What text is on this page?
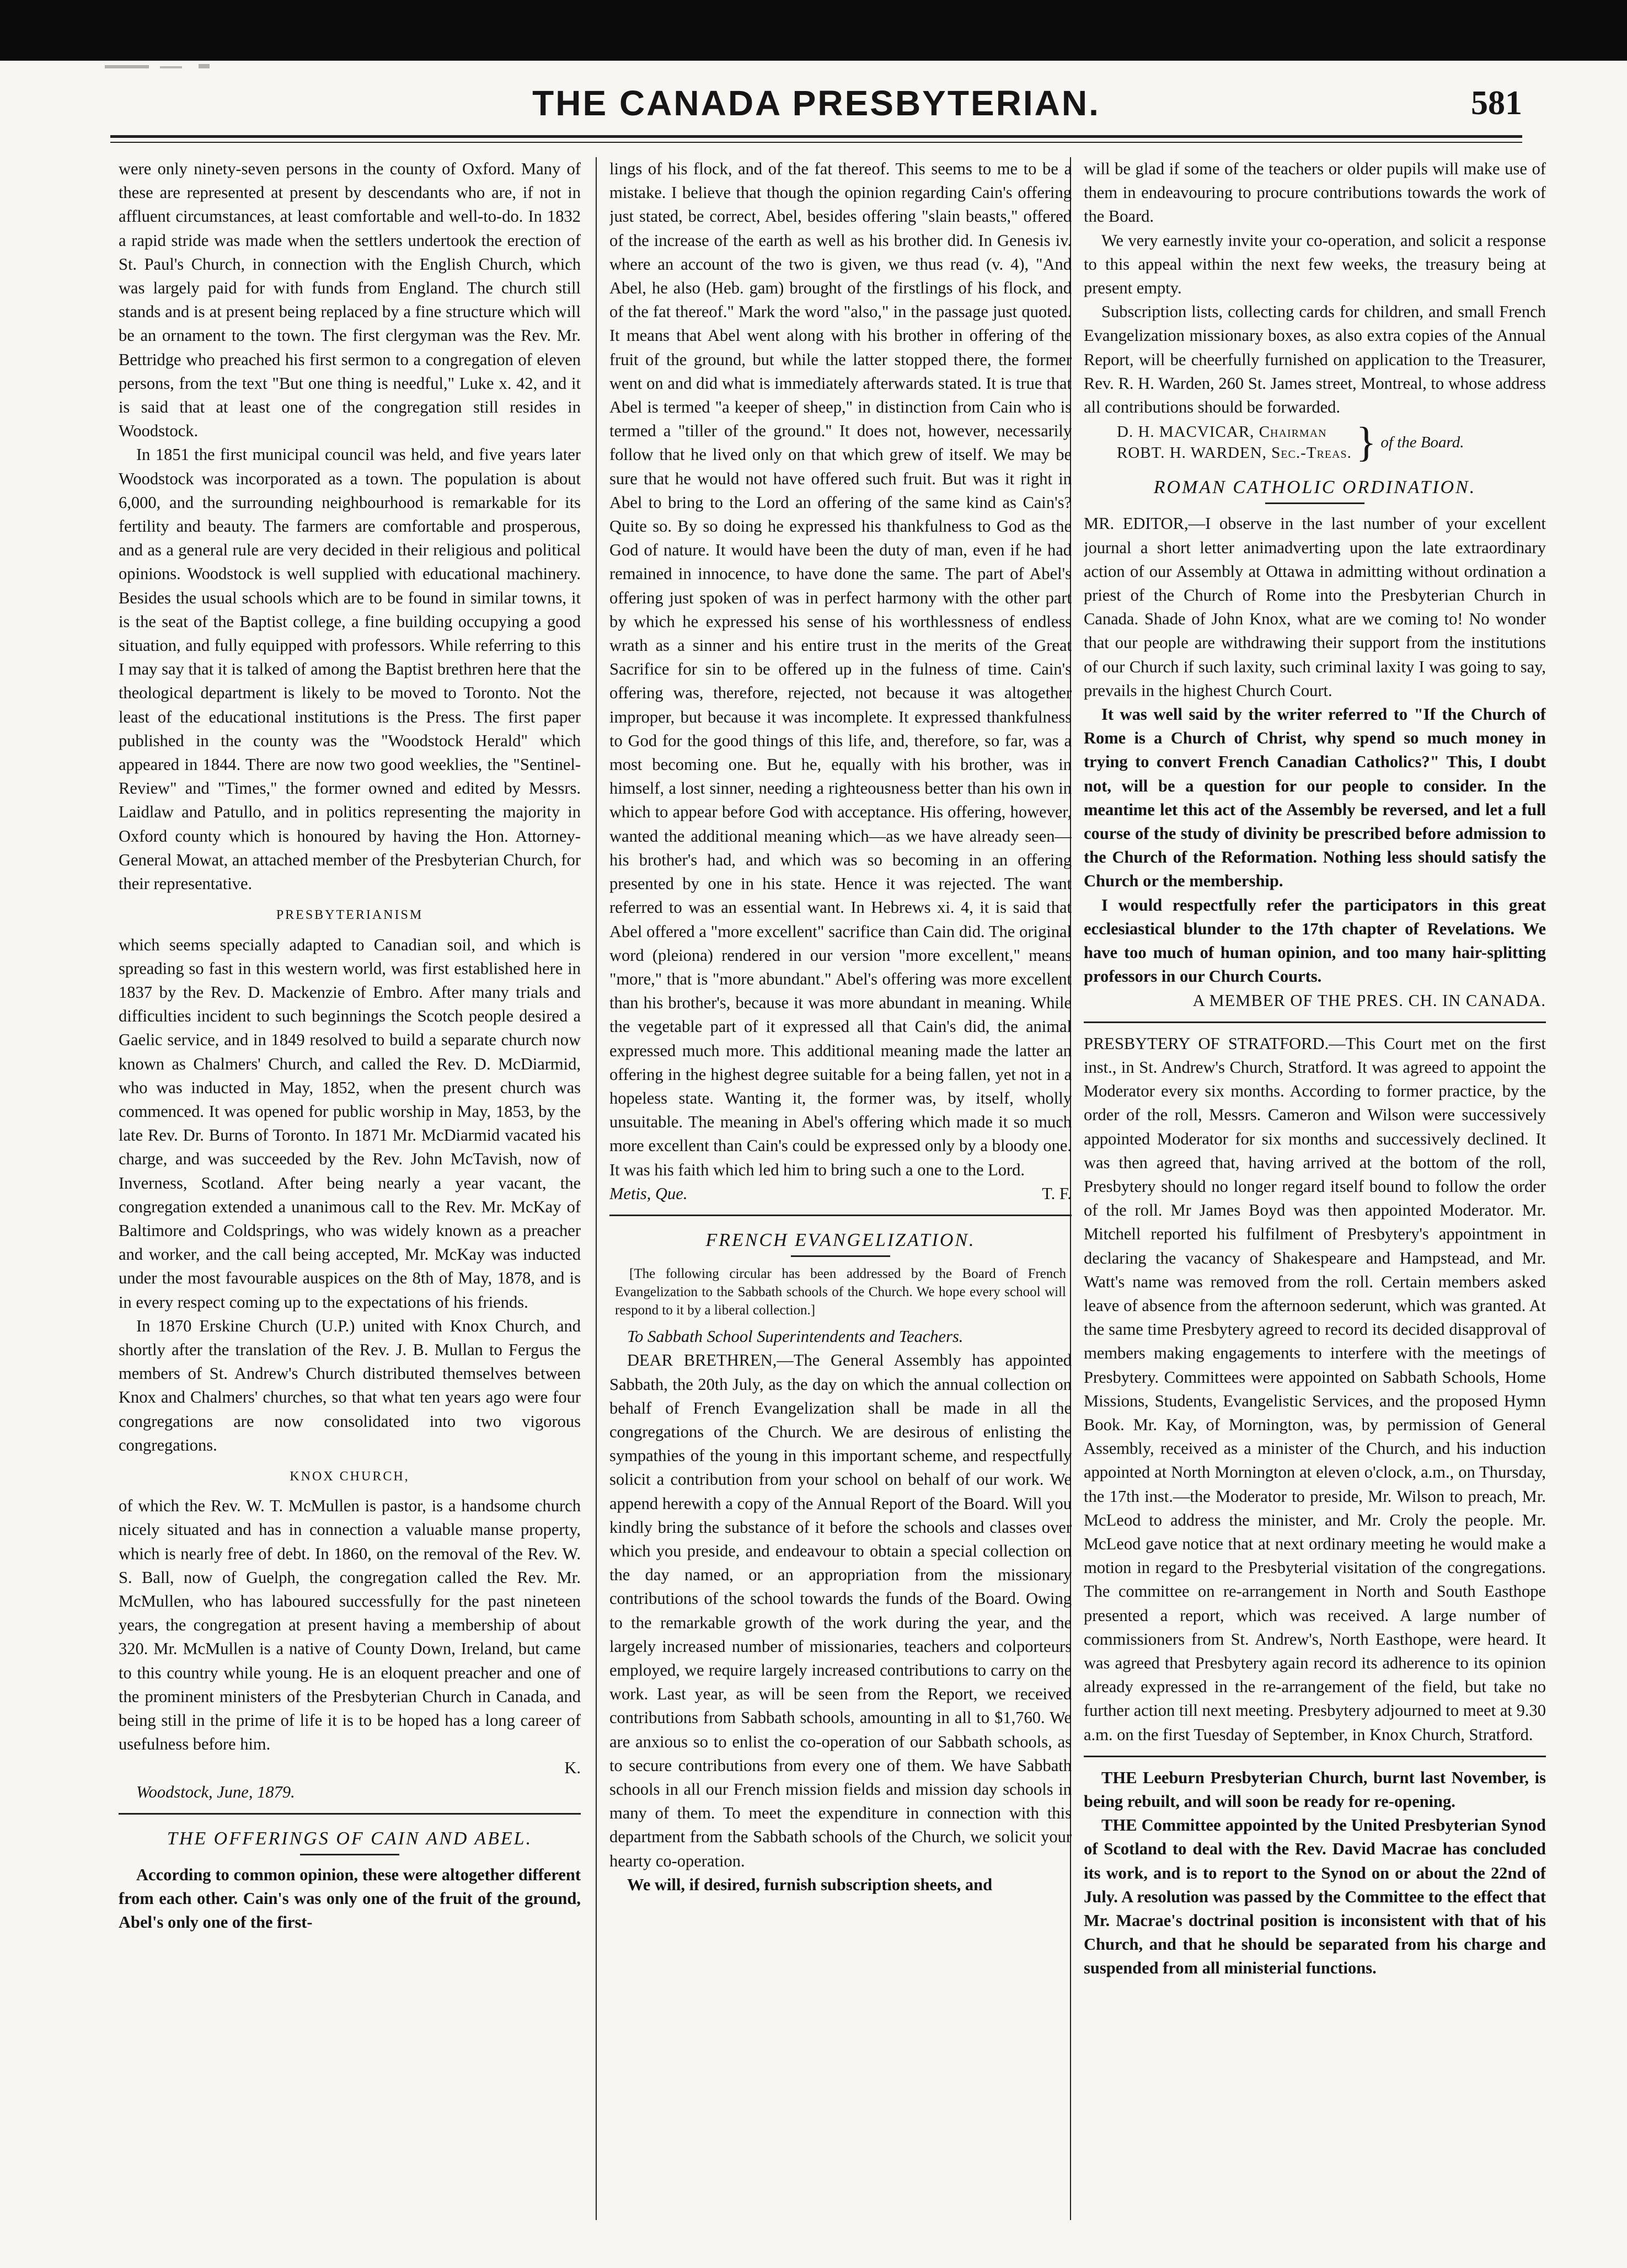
THE CANADA PRESBYTERIAN.	581

were only ninety-seven persons in the county of Oxford. Many of these are represented at present by descendants who are, if not in affluent circumstances, at least comfortable and well-to-do. In 1832 a rapid stride was made when the settlers undertook the erection of St. Paul's Church, in connection with the English Church, which was largely paid for with funds from England. The church still stands and is at present being replaced by a fine structure which will be an ornament to the town. The first clergyman was the Rev. Mr. Bettridge who preached his first sermon to a congregation of eleven persons, from the text "But one thing is needful," Luke x. 42, and it is said that at least one of the congregation still resides in Woodstock.

In 1851 the first municipal council was held, and five years later Woodstock was incorporated as a town. The population is about 6,000, and the surrounding neighbourhood is remarkable for its fertility and beauty. The farmers are comfortable and prosperous, and as a general rule are very decided in their religious and political opinions. Woodstock is well supplied with educational machinery. Besides the usual schools which are to be found in similar towns, it is the seat of the Baptist college, a fine building occupying a good situation, and fully equipped with professors. While referring to this I may say that it is talked of among the Baptist brethren here that the theological department is likely to be moved to Toronto. Not the least of the educational institutions is the Press. The first paper published in the county was the "Woodstock Herald" which appeared in 1844. There are now two good weeklies, the "Sentinel-Review" and "Times," the former owned and edited by Messrs. Laidlaw and Patullo, and in politics representing the majority in Oxford county which is honoured by having the Hon. Attorney-General Mowat, an attached member of the Presbyterian Church, for their representative.

PRESBYTERIANISM

which seems specially adapted to Canadian soil, and which is spreading so fast in this western world, was first established here in 1837 by the Rev. D. Mackenzie of Embro. After many trials and difficulties incident to such beginnings the Scotch people desired a Gaelic service, and in 1849 resolved to build a separate church now known as Chalmers' Church, and called the Rev. D. McDiarmid, who was inducted in May, 1852, when the present church was commenced. It was opened for public worship in May, 1853, by the late Rev. Dr. Burns of Toronto. In 1871 Mr. McDiarmid vacated his charge, and was succeeded by the Rev. John McTavish, now of Inverness, Scotland. After being nearly a year vacant, the congregation extended a unanimous call to the Rev. Mr. McKay of Baltimore and Coldsprings, who was widely known as a preacher and worker, and the call being accepted, Mr. McKay was inducted under the most favourable auspices on the 8th of May, 1878, and is in every respect coming up to the expectations of his friends.

In 1870 Erskine Church (U.P.) united with Knox Church, and shortly after the translation of the Rev. J. B. Mullan to Fergus the members of St. Andrew's Church distributed themselves between Knox and Chalmers' churches, so that what ten years ago were four congregations are now consolidated into two vigorous congregations.

KNOX CHURCH,

of which the Rev. W. T. McMullen is pastor, is a handsome church nicely situated and has in connection a valuable manse property, which is nearly free of debt. In 1860, on the removal of the Rev. W. S. Ball, now of Guelph, the congregation called the Rev. Mr. McMullen, who has laboured successfully for the past nineteen years, the congregation at present having a membership of about 320. Mr. McMullen is a native of County Down, Ireland, but came to this country while young. He is an eloquent preacher and one of the prominent ministers of the Presbyterian Church in Canada, and being still in the prime of life it is to be hoped has a long career of usefulness before him.

K.

Woodstock, June, 1879.

THE OFFERINGS OF CAIN AND ABEL.

According to common opinion, these were altogether different from each other. Cain's was only one of the fruit of the ground, Abel's only one of the first-

lings of his flock, and of the fat thereof. This seems to me to be a mistake. I believe that though the opinion regarding Cain's offering just stated, be correct, Abel, besides offering "slain beasts," offered of the increase of the earth as well as his brother did. In Genesis iv. where an account of the two is given, we thus read (v. 4), "And Abel, he also (Heb. gam) brought of the firstlings of his flock, and of the fat thereof." Mark the word "also," in the passage just quoted. It means that Abel went along with his brother in offering of the fruit of the ground, but while the latter stopped there, the former went on and did what is immediately afterwards stated. It is true that Abel is termed "a keeper of sheep," in distinction from Cain who is termed a "tiller of the ground." It does not, however, necessarily follow that he lived only on that which grew of itself. We may be sure that he would not have offered such fruit. But was it right in Abel to bring to the Lord an offering of the same kind as Cain's? Quite so. By so doing he expressed his thankfulness to God as the God of nature. It would have been the duty of man, even if he had remained in innocence, to have done the same. The part of Abel's offering just spoken of was in perfect harmony with the other part by which he expressed his sense of his worthlessness of endless wrath as a sinner and his entire trust in the merits of the Great Sacrifice for sin to be offered up in the fulness of time. Cain's offering was, therefore, rejected, not because it was altogether improper, but because it was incomplete. It expressed thankfulness to God for the good things of this life, and, therefore, so far, was a most becoming one. But he, equally with his brother, was in himself, a lost sinner, needing a righteousness better than his own in which to appear before God with acceptance. His offering, however, wanted the additional meaning which—as we have already seen—his brother's had, and which was so becoming in an offering presented by one in his state. Hence it was rejected. The want referred to was an essential want. In Hebrews xi. 4, it is said that Abel offered a "more excellent" sacrifice than Cain did. The original word (pleiona) rendered in our version "more excellent," means "more," that is "more abundant." Abel's offering was more excellent than his brother's, because it was more abundant in meaning. While the vegetable part of it expressed all that Cain's did, the animal expressed much more. This additional meaning made the latter an offering in the highest degree suitable for a being fallen, yet not in a hopeless state. Wanting it, the former was, by itself, wholly unsuitable. The meaning in Abel's offering which made it so much more excellent than Cain's could be expressed only by a bloody one. It was his faith which led him to bring such a one to the Lord.

Metis, Que.	T. F.

FRENCH EVANGELIZATION.

[The following circular has been addressed by the Board of French Evangelization to the Sabbath schools of the Church. We hope every school will respond to it by a liberal collection.]

To Sabbath School Superintendents and Teachers.

DEAR BRETHREN,—The General Assembly has appointed Sabbath, the 20th July, as the day on which the annual collection on behalf of French Evangelization shall be made in all the congregations of the Church. We are desirous of enlisting the sympathies of the young in this important scheme, and respectfully solicit a contribution from your school on behalf of our work. We append herewith a copy of the Annual Report of the Board. Will you kindly bring the substance of it before the schools and classes over which you preside, and endeavour to obtain a special collection on the day named, or an appropriation from the missionary contributions of the school towards the funds of the Board. Owing to the remarkable growth of the work during the year, and the largely increased number of missionaries, teachers and colporteurs employed, we require largely increased contributions to carry on the work. Last year, as will be seen from the Report, we received contributions from Sabbath schools, amounting in all to $1,760. We are anxious so to enlist the co-operation of our Sabbath schools, as to secure contributions from every one of them. We have Sabbath schools in all our French mission fields and mission day schools in many of them. To meet the expenditure in connection with this department from the Sabbath schools of the Church, we solicit your hearty co-operation.

We will, if desired, furnish subscription sheets, and

will be glad if some of the teachers or older pupils will make use of them in endeavouring to procure contributions towards the work of the Board.

We very earnestly invite your co-operation, and solicit a response to this appeal within the next few weeks, the treasury being at present empty.

Subscription lists, collecting cards for children, and small French Evangelization missionary boxes, as also extra copies of the Annual Report, will be cheerfully furnished on application to the Treasurer, Rev. R. H. Warden, 260 St. James street, Montreal, to whose address all contributions should be forwarded.

D. H. MACVICAR, Chairman
ROBT. H. WARDEN, Sec.-Treas. } of the Board.
ROMAN CATHOLIC ORDINATION.

MR. EDITOR,—I observe in the last number of your excellent journal a short letter animadverting upon the late extraordinary action of our Assembly at Ottawa in admitting without ordination a priest of the Church of Rome into the Presbyterian Church in Canada. Shade of John Knox, what are we coming to! No wonder that our people are withdrawing their support from the institutions of our Church if such laxity, such criminal laxity I was going to say, prevails in the highest Church Court.

It was well said by the writer referred to "If the Church of Rome is a Church of Christ, why spend so much money in trying to convert French Canadian Catholics?" This, I doubt not, will be a question for our people to consider. In the meantime let this act of the Assembly be reversed, and let a full course of the study of divinity be prescribed before admission to the Church of the Reformation. Nothing less should satisfy the Church or the membership.

I would respectfully refer the participators in this great ecclesiastical blunder to the 17th chapter of Revelations. We have too much of human opinion, and too many hair-splitting professors in our Church Courts.

A MEMBER OF THE PRES. CH. IN CANADA.

PRESBYTERY OF STRATFORD.—This Court met on the first inst., in St. Andrew's Church, Stratford. It was agreed to appoint the Moderator every six months. According to former practice, by the order of the roll, Messrs. Cameron and Wilson were successively appointed Moderator for six months and successively declined. It was then agreed that, having arrived at the bottom of the roll, Presbytery should no longer regard itself bound to follow the order of the roll. Mr James Boyd was then appointed Moderator. Mr. Mitchell reported his fulfilment of Presbytery's appointment in declaring the vacancy of Shakespeare and Hampstead, and Mr. Watt's name was removed from the roll. Certain members asked leave of absence from the afternoon sederunt, which was granted. At the same time Presbytery agreed to record its decided disapproval of members making engagements to interfere with the meetings of Presbytery. Committees were appointed on Sabbath Schools, Home Missions, Students, Evangelistic Services, and the proposed Hymn Book. Mr. Kay, of Mornington, was, by permission of General Assembly, received as a minister of the Church, and his induction appointed at North Mornington at eleven o'clock, a.m., on Thursday, the 17th inst.—the Moderator to preside, Mr. Wilson to preach, Mr. McLeod to address the minister, and Mr. Croly the people. Mr. McLeod gave notice that at next ordinary meeting he would make a motion in regard to the Presbyterial visitation of the congregations. The committee on re-arrangement in North and South Easthope presented a report, which was received. A large number of commissioners from St. Andrew's, North Easthope, were heard. It was agreed that Presbytery again record its adherence to its opinion already expressed in the re-arrangement of the field, but take no further action till next meeting. Presbytery adjourned to meet at 9.30 a.m. on the first Tuesday of September, in Knox Church, Stratford.

THE Leeburn Presbyterian Church, burnt last November, is being rebuilt, and will soon be ready for re-opening.

THE Committee appointed by the United Presbyterian Synod of Scotland to deal with the Rev. David Macrae has concluded its work, and is to report to the Synod on or about the 22nd of July. A resolution was passed by the Committee to the effect that Mr. Macrae's doctrinal position is inconsistent with that of his Church, and that he should be separated from his charge and suspended from all ministerial functions.
